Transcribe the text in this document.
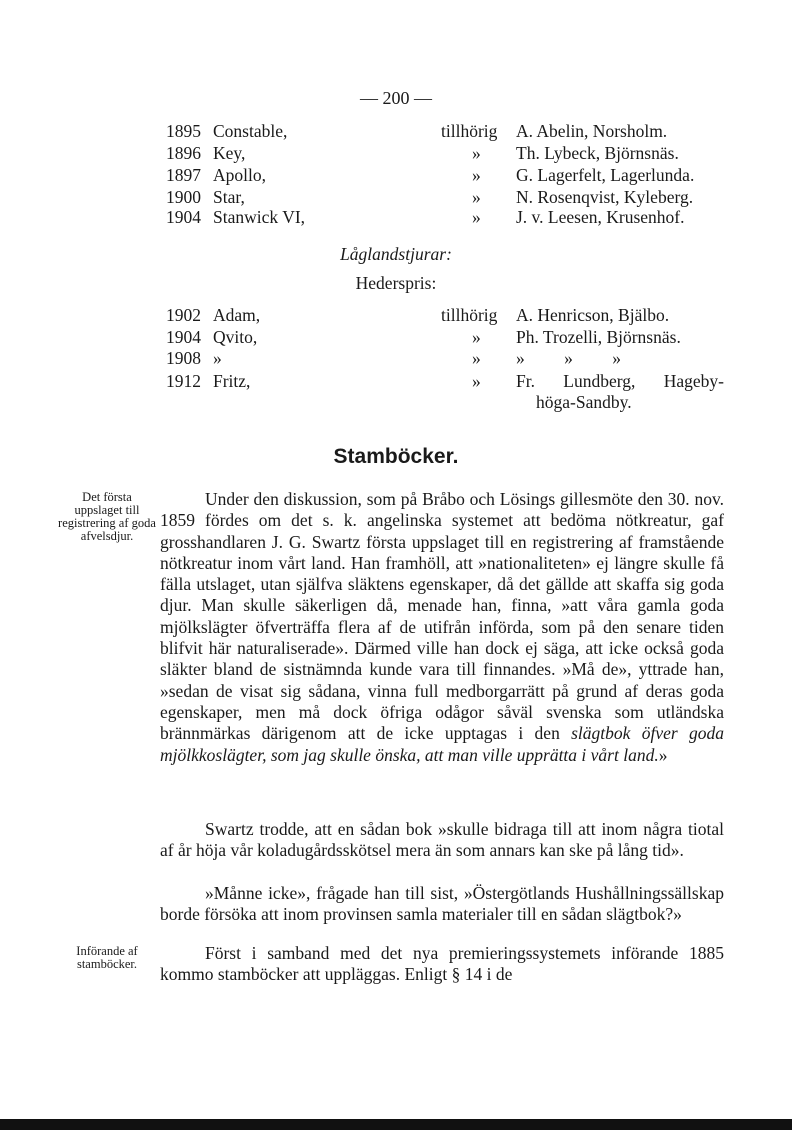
— 200 —
1895 Constable,	tillhörig A. Abelin, Norsholm.
1896 Key,	» Th. Lybeck, Björnsnäs.
1897 Apollo,	» G. Lagerfelt, Lagerlunda.
1900 Star,	» N. Rosenqvist, Kyleberg.
1904 Stanwick VI,	» J. v. Leesen, Krusenhof.
Låglandstjurar:
Hederspris:
1902 Adam,	tillhörig A. Henricson, Bjälbo.
1904 Qvito,	» Ph. Trozelli, Björnsnäs.
1908 »	» »         »         »
1912 Fritz,	» Fr. Lundberg, Hageby-
höga-Sandby.
Stamböcker.
Det första uppslaget till registrering af goda afvelsdjur.
Införande af stamböcker.

Under den diskussion, som på Bråbo och Lösings gillesmöte den 30. nov. 1859 fördes om det s. k. angelinska systemet att bedöma nötkreatur, gaf grosshandlaren J. G. Swartz första uppslaget till en registrering af framstående nötkreatur inom vårt land. Han framhöll, att »nationaliteten» ej längre skulle få fälla utslaget, utan själfva släktens egenskaper, då det gällde att skaffa sig goda djur. Man skulle säkerligen då, menade han, finna, »att våra gamla goda mjölkslägter öfverträffa flera af de utifrån införda, som på den senare tiden blifvit här naturaliserade». Därmed ville han dock ej säga, att icke också goda släkter bland de sistnämnda kunde vara till finnandes. »Må de», yttrade han, »sedan de visat sig sådana, vinna full medborgarrätt på grund af deras goda egenskaper, men må dock öfriga odågor såväl svenska som utländska brännmärkas därigenom att de icke upptagas i den slägtbok öfver goda mjölkkoslägter, som jag skulle önska, att man ville upprätta i vårt land.»

Swartz trodde, att en sådan bok »skulle bidraga till att inom några tiotal af år höja vår koladugårdsskötsel mera än som annars kan ske på lång tid».

»Månne icke», frågade han till sist, »Östergötlands Hushållningssällskap borde försöka att inom provinsen samla materialer till en sådan slägtbok?»

Först i samband med det nya premieringssystemets införande 1885 kommo stamböcker att uppläggas. Enligt § 14 i de
